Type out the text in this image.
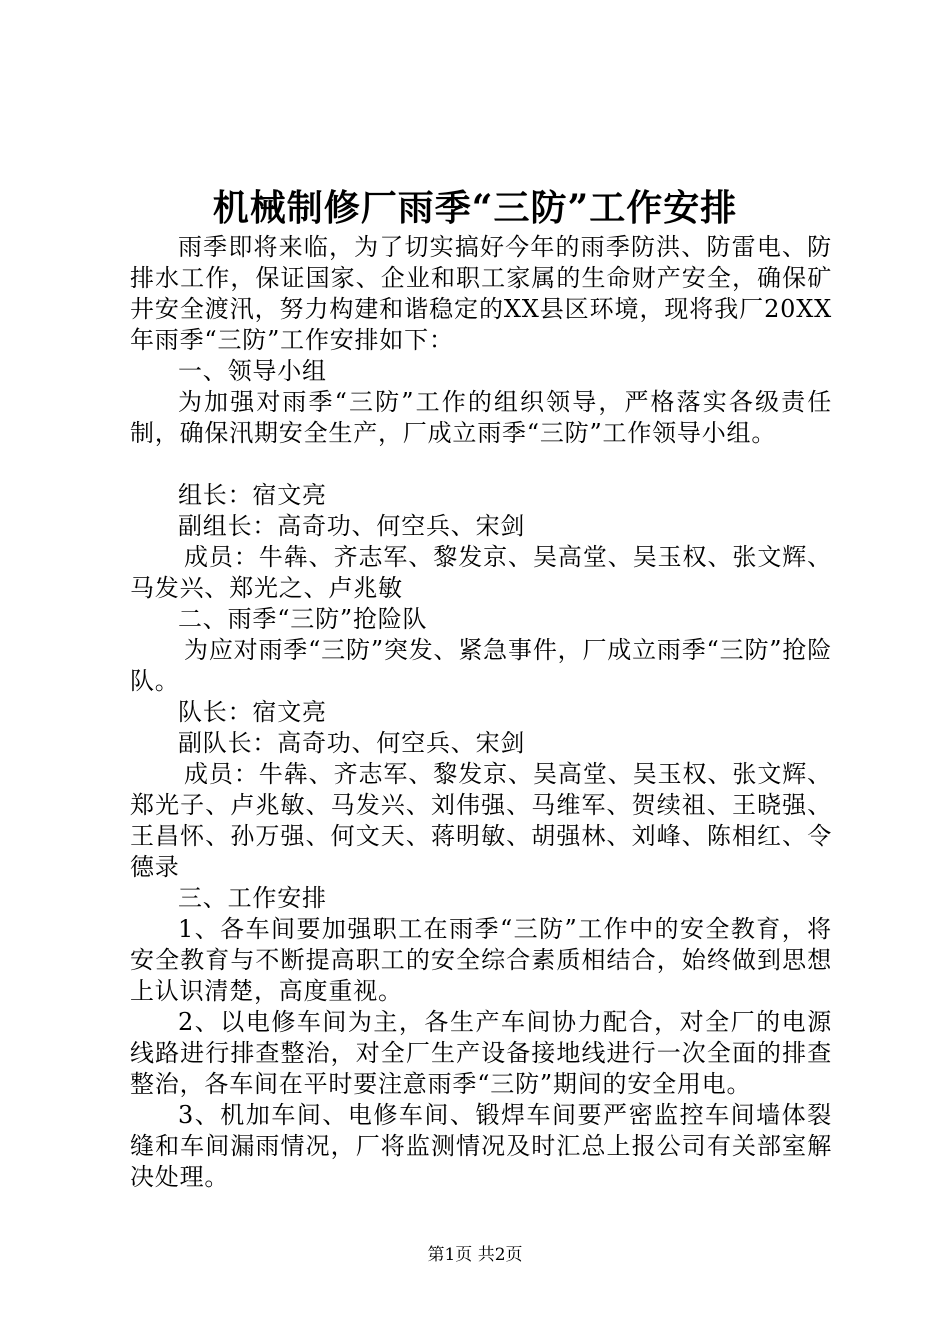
机械制修厂雨季“三防”工作安排

雨季即将来临，为了切实搞好今年的雨季防洪、防雷电、防排水工作，保证国家、企业和职工家属的生命财产安全，确保矿井安全渡汛，努力构建和谐稳定的XX县区环境，现将我厂20XX年雨季“三防”工作安排如下：

一、领导小组

为加强对雨季“三防”工作的组织领导，严格落实各级责任制，确保汛期安全生产，厂成立雨季“三防”工作领导小组。

组长：宿文亮

副组长：高奇功、何空兵、宋剑

成员：牛犇、齐志军、黎发京、吴高堂、吴玉权、张文辉、马发兴、郑光之、卢兆敏

二、雨季“三防”抢险队

为应对雨季“三防”突发、紧急事件，厂成立雨季“三防”抢险队。

队长：宿文亮

副队长：高奇功、何空兵、宋剑

成员：牛犇、齐志军、黎发京、吴高堂、吴玉权、张文辉、郑光子、卢兆敏、马发兴、刘伟强、马维军、贺续祖、王晓强、王昌怀、孙万强、何文天、蒋明敏、胡强林、刘峰、陈相红、令德录

三、工作安排

1、各车间要加强职工在雨季“三防”工作中的安全教育，将安全教育与不断提高职工的安全综合素质相结合，始终做到思想上认识清楚，高度重视。

2、以电修车间为主，各生产车间协力配合，对全厂的电源线路进行排查整治，对全厂生产设备接地线进行一次全面的排查整治，各车间在平时要注意雨季“三防”期间的安全用电。

3、机加车间、电修车间、锻焊车间要严密监控车间墙体裂缝和车间漏雨情况，厂将监测情况及时汇总上报公司有关部室解决处理。

第1页 共2页
